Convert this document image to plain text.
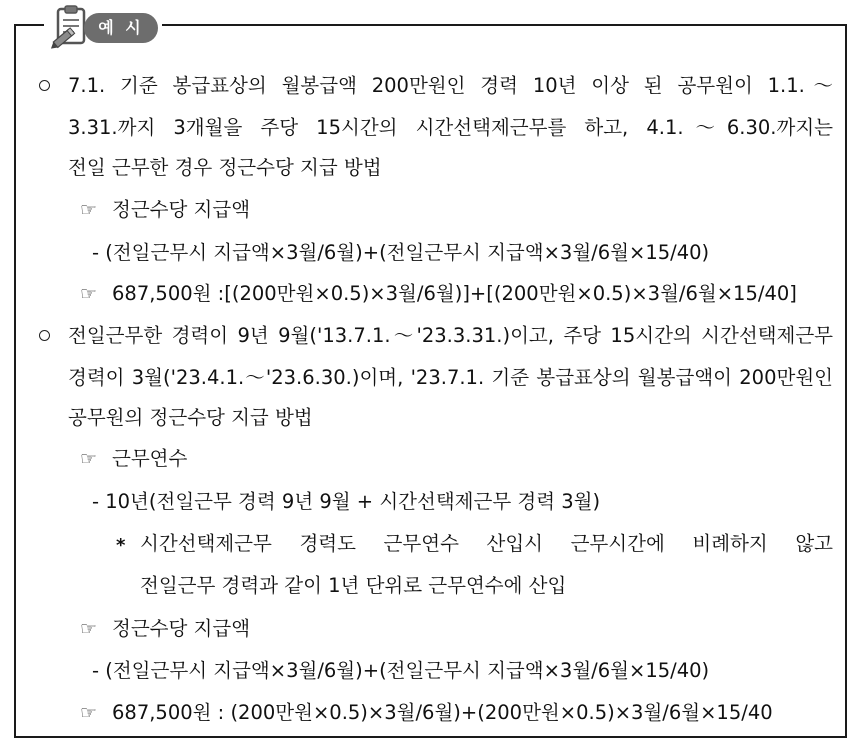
예 시
7.1. 기준 봉급표상의 월봉급액 200만원인 경력 10년 이상 된 공무원이 1.1.～
3.31.까지 3개월을 주당 15시간의 시간선택제근무를 하고, 4.1.～6.30.까지는
전일 근무한 경우 정근수당 지급 방법
☞ 정근수당 지급액
- (전일근무시 지급액×3월/6월)+(전일근무시 지급액×3월/6월×15/40)
☞ 687,500원 :[(200만원×0.5)×3월/6월)]+[(200만원×0.5)×3월/6월×15/40]
전일근무한 경력이 9년 9월('13.7.1.～'23.3.31.)이고, 주당 15시간의 시간선택제근무
경력이 3월('23.4.1.～'23.6.30.)이며, '23.7.1. 기준 봉급표상의 월봉급액이 200만원인
공무원의 정근수당 지급 방법
☞ 근무연수
- 10년(전일근무 경력 9년 9월 + 시간선택제근무 경력 3월)
* 시간선택제근무 경력도 근무연수 산입시 근무시간에 비례하지 않고
전일근무 경력과 같이 1년 단위로 근무연수에 산입
☞ 정근수당 지급액
- (전일근무시 지급액×3월/6월)+(전일근무시 지급액×3월/6월×15/40)
☞ 687,500원 : (200만원×0.5)×3월/6월)+(200만원×0.5)×3월/6월×15/40
